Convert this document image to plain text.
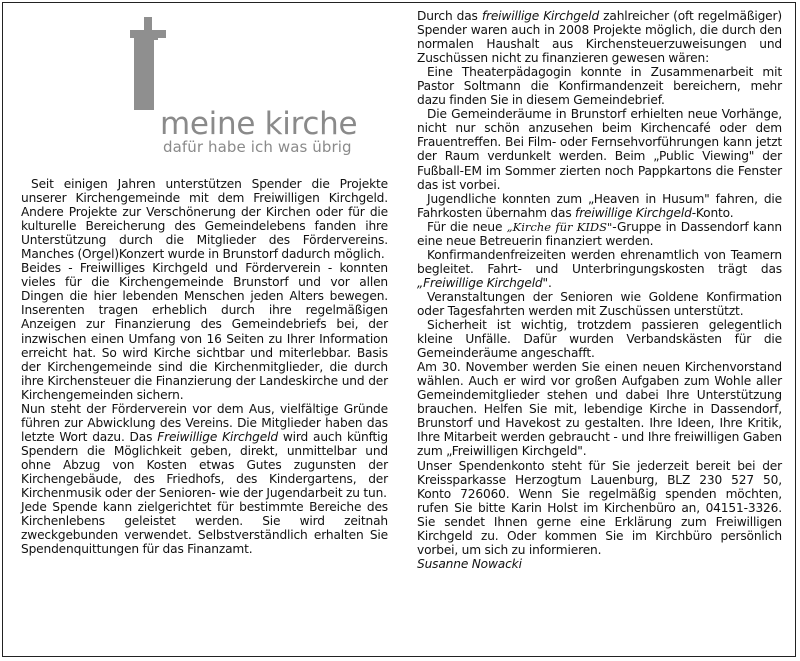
meine kirche
dafür habe ich was übrig

Seit einigen Jahren unterstützen Spender die Projekte unserer Kirchengemeinde mit dem Freiwilligen Kirchgeld. Andere Projekte zur Verschönerung der Kirchen oder für die kulturelle Bereicherung des Gemeindelebens fanden ihre Unterstützung durch die Mitglieder des Fördervereins. Manches (Orgel)Konzert wurde in Brunstorf dadurch möglich.

Beides - Freiwilliges Kirchgeld und Förderverein - konnten vieles für die Kirchengemeinde Brunstorf und vor allen Dingen die hier lebenden Menschen jeden Alters bewegen. Inserenten tragen erheblich durch ihre regelmäßigen Anzeigen zur Finanzierung des Gemeindebriefs bei, der inzwischen einen Umfang von 16 Seiten zu Ihrer Information erreicht hat. So wird Kirche sichtbar und miterlebbar. Basis der Kirchengemeinde sind die Kirchenmitglieder, die durch ihre Kirchensteuer die Finanzierung der Landeskirche und der Kirchengemeinden sichern.

Nun steht der Förderverein vor dem Aus, vielfältige Gründe führen zur Abwicklung des Vereins. Die Mitglieder haben das letzte Wort dazu. Das Freiwillige Kirchgeld wird auch künftig Spendern die Möglichkeit geben, direkt, unmittelbar und ohne Abzug von Kosten etwas Gutes zugunsten der Kirchengebäude, des Friedhofs, des Kindergartens, der Kirchenmusik oder der Senioren- wie der Jugendarbeit zu tun.

Jede Spende kann zielgerichtet für bestimmte Bereiche des Kirchenlebens geleistet werden. Sie wird zeitnah zweckgebunden verwendet. Selbstverständlich erhalten Sie Spendenquittungen für das Finanzamt.

Durch das freiwillige Kirchgeld zahlreicher (oft regelmäßiger) Spender waren auch in 2008 Projekte möglich, die durch den normalen Haushalt aus Kirchensteuerzuweisungen und Zuschüssen nicht zu finanzieren gewesen wären:

Eine Theaterpädagogin konnte in Zusammenarbeit mit Pastor Soltmann die Konfirmandenzeit bereichern, mehr dazu finden Sie in diesem Gemeindebrief.

Die Gemeinderäume in Brunstorf erhielten neue Vorhänge, nicht nur schön anzusehen beim Kirchencafé oder dem Frauentreffen. Bei Film- oder Fernsehvorführungen kann jetzt der Raum verdunkelt werden. Beim „Public Viewing" der Fußball-EM im Sommer zierten noch Pappkartons die Fenster das ist vorbei.

Jugendliche konnten zum „Heaven in Husum" fahren, die Fahrkosten übernahm das freiwillige Kirchgeld-Konto.

Für die neue „Kirche für KIDS"-Gruppe in Dassendorf kann eine neue Betreuerin finanziert werden.

Konfirmandenfreizeiten werden ehrenamtlich von Teamern begleitet. Fahrt- und Unterbringungskosten trägt das „Freiwillige Kirchgeld".

Veranstaltungen der Senioren wie Goldene Konfirmation oder Tagesfahrten werden mit Zuschüssen unterstützt.

Sicherheit ist wichtig, trotzdem passieren gelegentlich kleine Unfälle. Dafür wurden Verbandskästen für die Gemeinderäume angeschafft.

Am 30. November werden Sie einen neuen Kirchenvorstand wählen. Auch er wird vor großen Aufgaben zum Wohle aller Gemeindemitglieder stehen und dabei Ihre Unterstützung brauchen. Helfen Sie mit, lebendige Kirche in Dassendorf, Brunstorf und Havekost zu gestalten. Ihre Ideen, Ihre Kritik, Ihre Mitarbeit werden gebraucht - und Ihre freiwilligen Gaben zum „Freiwilligen Kirchgeld".

Unser Spendenkonto steht für Sie jederzeit bereit bei der Kreissparkasse Herzogtum Lauenburg, BLZ 230 527 50, Konto 726060. Wenn Sie regelmäßig spenden möchten, rufen Sie bitte Karin Holst im Kirchenbüro an, 04151-3326. Sie sendet Ihnen gerne eine Erklärung zum Freiwilligen Kirchgeld zu. Oder kommen Sie im Kirchbüro persönlich vorbei, um sich zu informieren.

Susanne Nowacki
